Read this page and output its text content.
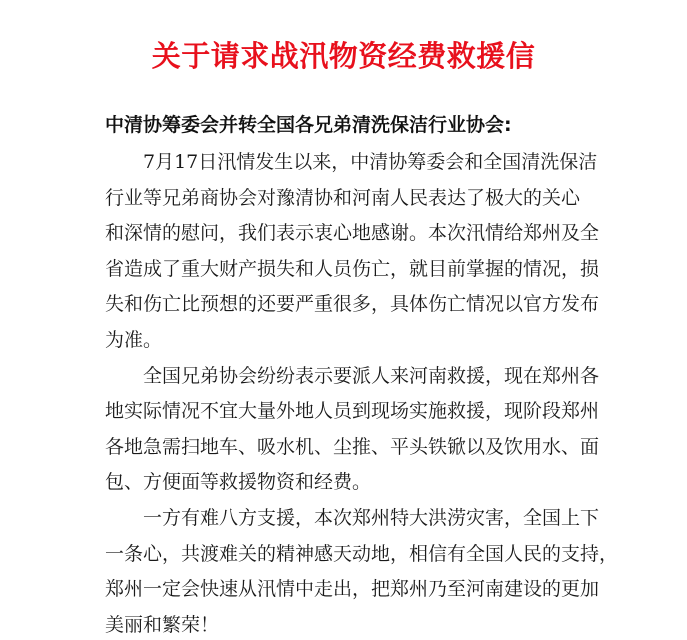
关于请求战汛物资经费救援信
中清协筹委会并转全国各兄弟清洗保洁行业协会:
7月17日汛情发生以来，中清协筹委会和全国清洗保洁
行业等兄弟商协会对豫清协和河南人民表达了极大的关心
和深情的慰问，我们表示衷心地感谢。本次汛情给郑州及全
省造成了重大财产损失和人员伤亡，就目前掌握的情况，损
失和伤亡比预想的还要严重很多，具体伤亡情况以官方发布
为准。
全国兄弟协会纷纷表示要派人来河南救援，现在郑州各
地实际情况不宜大量外地人员到现场实施救援，现阶段郑州
各地急需扫地车、吸水机、尘推、平头铁锨以及饮用水、面
包、方便面等救援物资和经费。
一方有难八方支援，本次郑州特大洪涝灾害，全国上下
一条心，共渡难关的精神感天动地，相信有全国人民的支持，
郑州一定会快速从汛情中走出，把郑州乃至河南建设的更加
美丽和繁荣！
